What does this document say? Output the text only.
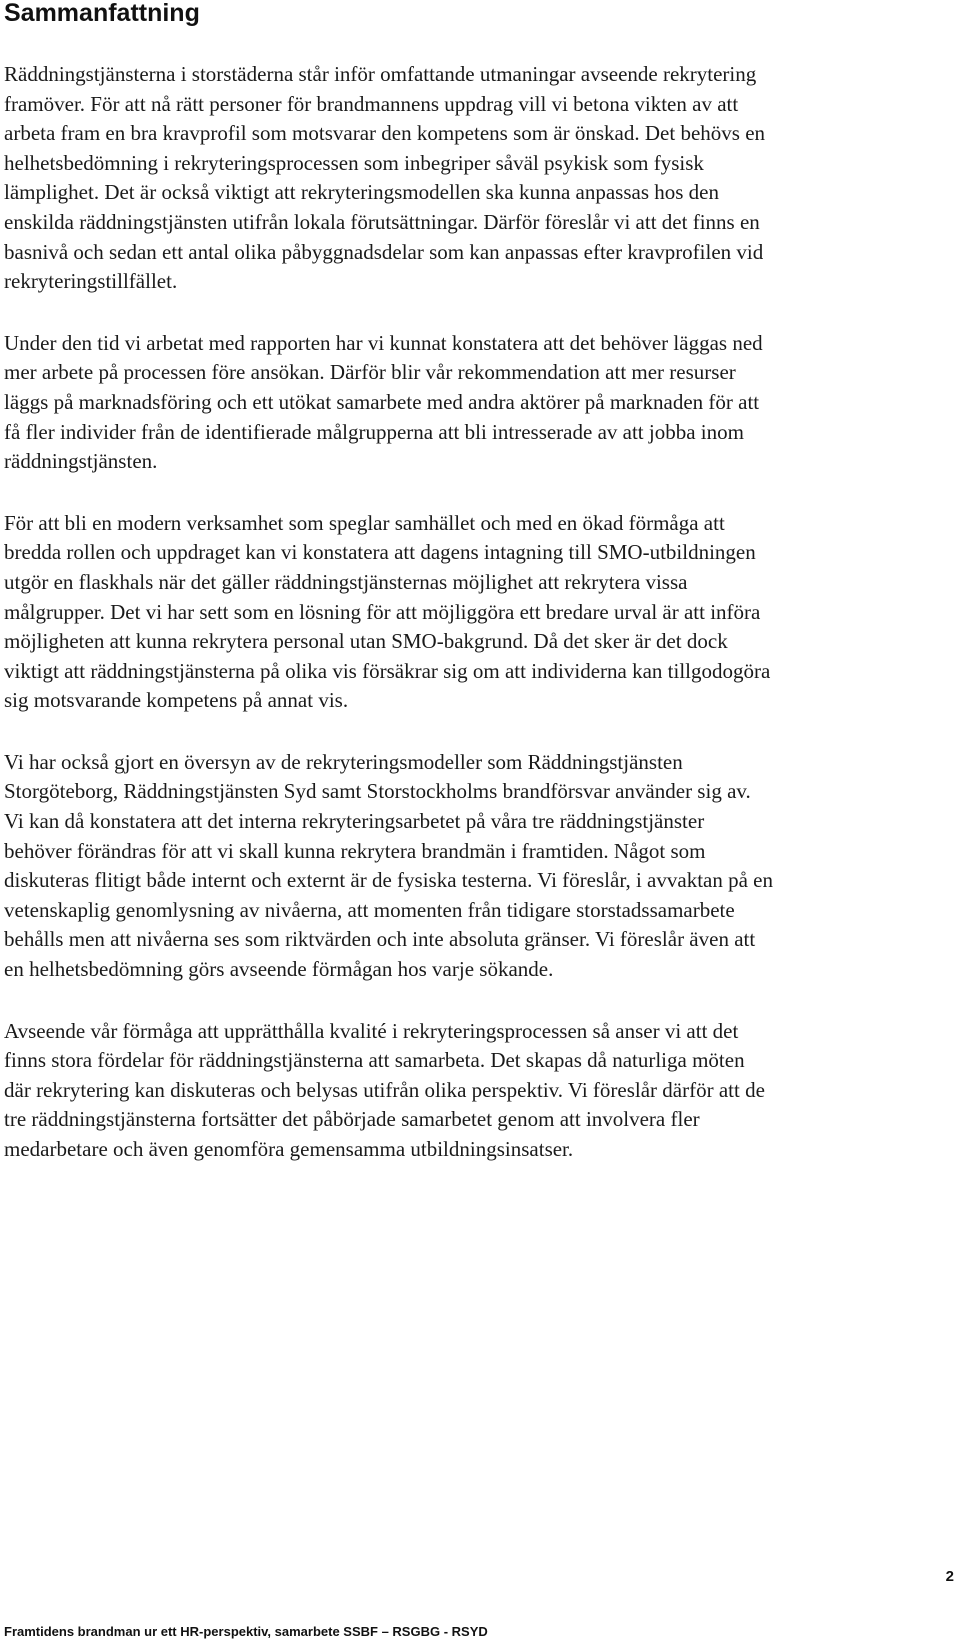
Sammanfattning

Räddningstjänsterna i storstäderna står inför omfattande utmaningar avseende rekrytering
framöver. För att nå rätt personer för brandmannens uppdrag vill vi betona vikten av att
arbeta fram en bra kravprofil som motsvarar den kompetens som är önskad. Det behövs en
helhetsbedömning i rekryteringsprocessen som inbegriper såväl psykisk som fysisk
lämplighet. Det är också viktigt att rekryteringsmodellen ska kunna anpassas hos den
enskilda räddningstjänsten utifrån lokala förutsättningar. Därför föreslår vi att det finns en
basnivå och sedan ett antal olika påbyggnadsdelar som kan anpassas efter kravprofilen vid
rekryteringstillfället.

Under den tid vi arbetat med rapporten har vi kunnat konstatera att det behöver läggas ned
mer arbete på processen före ansökan. Därför blir vår rekommendation att mer resurser
läggs på marknadsföring och ett utökat samarbete med andra aktörer på marknaden för att
få fler individer från de identifierade målgrupperna att bli intresserade av att jobba inom
räddningstjänsten.

För att bli en modern verksamhet som speglar samhället och med en ökad förmåga att
bredda rollen och uppdraget kan vi konstatera att dagens intagning till SMO-utbildningen
utgör en flaskhals när det gäller räddningstjänsternas möjlighet att rekrytera vissa
målgrupper. Det vi har sett som en lösning för att möjliggöra ett bredare urval är att införa
möjligheten att kunna rekrytera personal utan SMO-bakgrund. Då det sker är det dock
viktigt att räddningstjänsterna på olika vis försäkrar sig om att individerna kan tillgodogöra
sig motsvarande kompetens på annat vis.

Vi har också gjort en översyn av de rekryteringsmodeller som Räddningstjänsten
Storgöteborg, Räddningstjänsten Syd samt Storstockholms brandförsvar använder sig av.
Vi kan då konstatera att det interna rekryteringsarbetet på våra tre räddningstjänster
behöver förändras för att vi skall kunna rekrytera brandmän i framtiden. Något som
diskuteras flitigt både internt och externt är de fysiska testerna. Vi föreslår, i avvaktan på en
vetenskaplig genomlysning av nivåerna, att momenten från tidigare storstadssamarbete
behålls men att nivåerna ses som riktvärden och inte absoluta gränser. Vi föreslår även att
en helhetsbedömning görs avseende förmågan hos varje sökande.

Avseende vår förmåga att upprätthålla kvalité i rekryteringsprocessen så anser vi att det
finns stora fördelar för räddningstjänsterna att samarbeta. Det skapas då naturliga möten
där rekrytering kan diskuteras och belysas utifrån olika perspektiv. Vi föreslår därför att de
tre räddningstjänsterna fortsätter det påbörjade samarbetet genom att involvera fler
medarbetare och även genomföra gemensamma utbildningsinsatser.

2
Framtidens brandman ur ett HR-perspektiv, samarbete SSBF – RSGBG - RSYD
